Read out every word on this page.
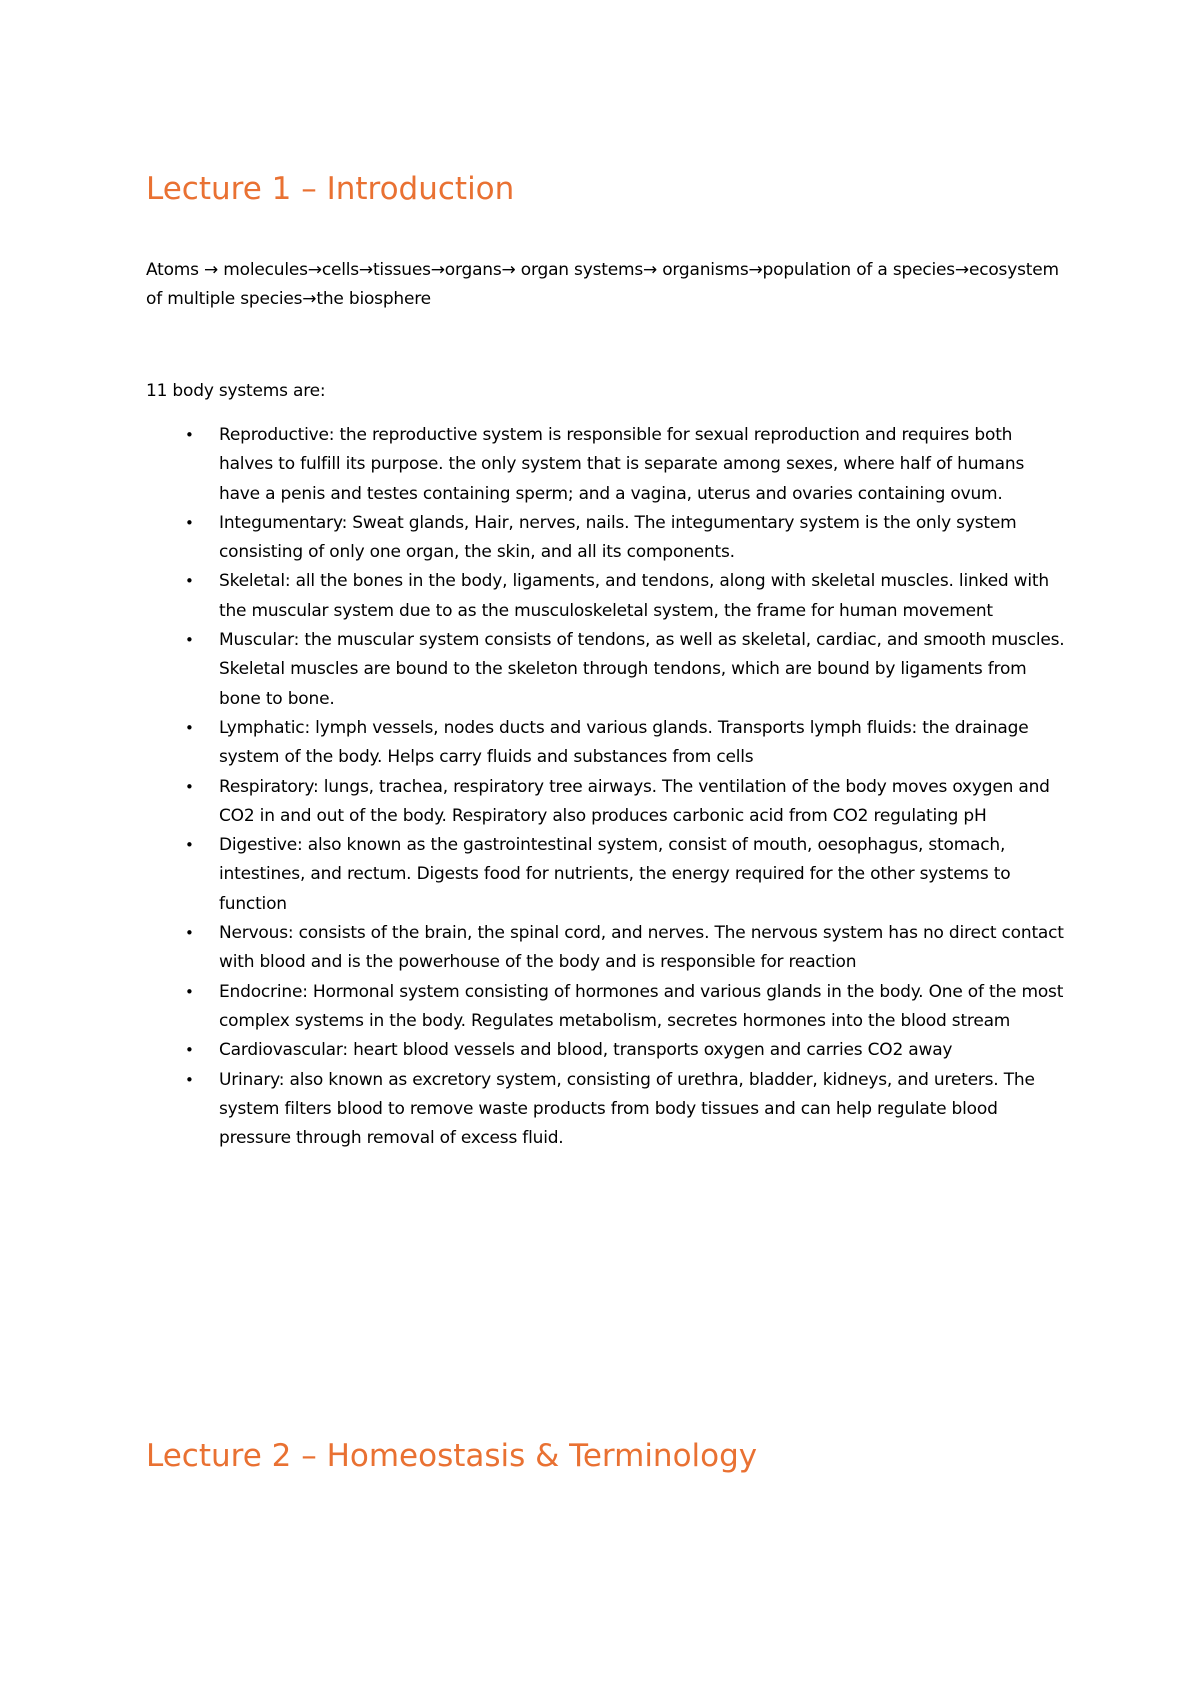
Lecture 1 – Introduction

Atoms → molecules→cells→tissues→organs→ organ systems→ organisms→population of a species→ecosystem of multiple species→the biosphere

11 body systems are:

• Reproductive: the reproductive system is responsible for sexual reproduction and requires both halves to fulfill its purpose. the only system that is separate among sexes, where half of humans have a penis and testes containing sperm; and a vagina, uterus and ovaries containing ovum.
• Integumentary: Sweat glands, Hair, nerves, nails. The integumentary system is the only system consisting of only one organ, the skin, and all its components.
• Skeletal: all the bones in the body, ligaments, and tendons, along with skeletal muscles. linked with the muscular system due to as the musculoskeletal system, the frame for human movement
• Muscular: the muscular system consists of tendons, as well as skeletal, cardiac, and smooth muscles. Skeletal muscles are bound to the skeleton through tendons, which are bound by ligaments from bone to bone.
• Lymphatic: lymph vessels, nodes ducts and various glands. Transports lymph fluids: the drainage system of the body. Helps carry fluids and substances from cells
• Respiratory: lungs, trachea, respiratory tree airways. The ventilation of the body moves oxygen and CO2 in and out of the body. Respiratory also produces carbonic acid from CO2 regulating pH
• Digestive: also known as the gastrointestinal system, consist of mouth, oesophagus, stomach, intestines, and rectum. Digests food for nutrients, the energy required for the other systems to function
• Nervous: consists of the brain, the spinal cord, and nerves. The nervous system has no direct contact with blood and is the powerhouse of the body and is responsible for reaction
• Endocrine: Hormonal system consisting of hormones and various glands in the body. One of the most complex systems in the body. Regulates metabolism, secretes hormones into the blood stream
• Cardiovascular: heart blood vessels and blood, transports oxygen and carries CO2 away
• Urinary: also known as excretory system, consisting of urethra, bladder, kidneys, and ureters. The system filters blood to remove waste products from body tissues and can help regulate blood pressure through removal of excess fluid.
Lecture 2 – Homeostasis & Terminology
